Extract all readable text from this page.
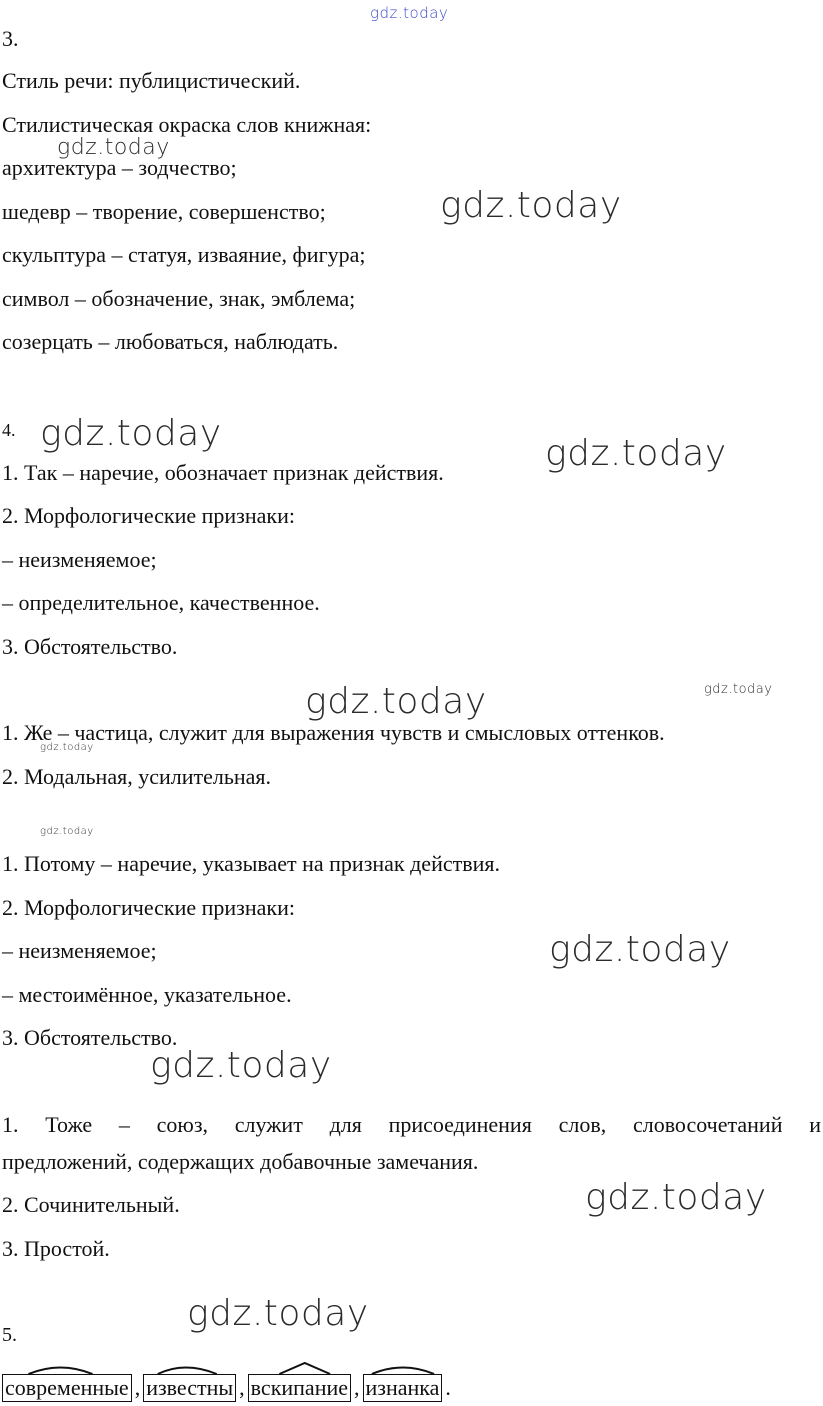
gdz.today
gdz.today
gdz.today
gdz.today	gdz.today
gdz.today	gdz.today
gdz.today
gdz.today
gdz.today
gdz.today
gdz.today
gdz.today
3.
Стиль речи: публицистический.
Стилистическая окраска слов книжная:
архитектура – зодчество;
шедевр – творение, совершенство;
скульптура – статуя, изваяние, фигура;
символ – обозначение, знак, эмблема;
созерцать – любоваться, наблюдать.
4.
1. Так – наречие, обозначает признак действия.
2. Морфологические признаки:
– неизменяемое;
– определительное, качественное.
3. Обстоятельство.
1. Же – частица, служит для выражения чувств и смысловых оттенков.
2. Модальная, усилительная.
1. Потому – наречие, указывает на признак действия.
2. Морфологические признаки:
– неизменяемое;
– местоимённое, указательное.
3. Обстоятельство.
1. Тоже – союз, служит для присоединения слов, словосочетаний и
предложений, содержащих добавочные замечания.
2. Сочинительный.
3. Простой.
5.
современные , известны , вскипание , изнанка .
